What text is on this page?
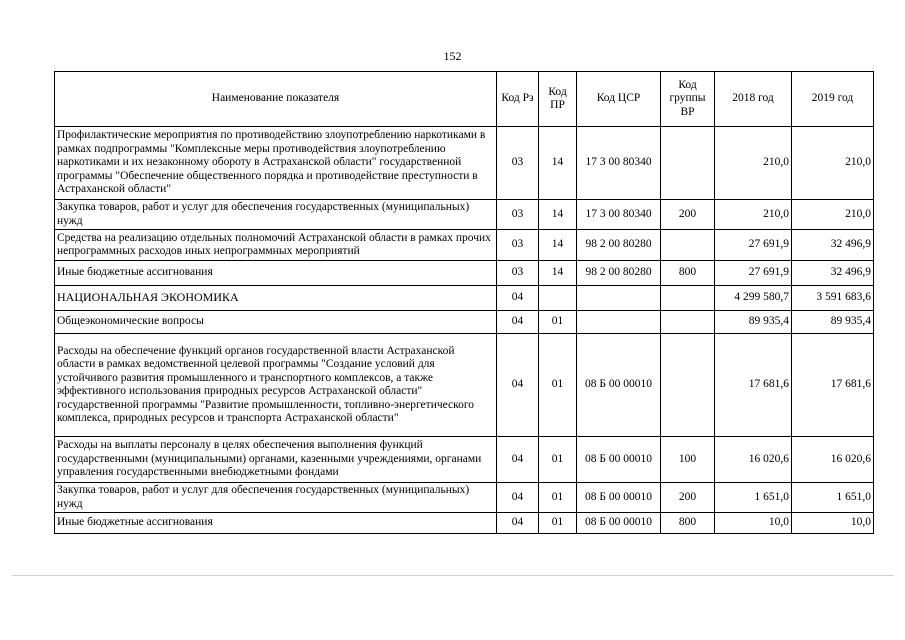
152
Наименование показателя	Код Рз	Код ПР	Код ЦСР	Код группы ВР	2018 год	2019 год
Профилактические мероприятия по противодействию злоупотреблению наркотиками в рамках подпрограммы "Комплексные меры противодействия злоупотреблению наркотиками и их незаконному обороту в Астраханской области" государственной программы "Обеспечение общественного порядка и противодействие преступности в Астраханской области"	03	14	17 3 00 80340		210,0	210,0
Закупка товаров, работ и услуг для обеспечения государственных (муниципальных) нужд	03	14	17 3 00 80340	200	210,0	210,0
Средства на реализацию отдельных полномочий Астраханской области в рамках прочих непрограммных расходов иных непрограммных мероприятий	03	14	98 2 00 80280		27 691,9	32 496,9
Иные бюджетные ассигнования	03	14	98 2 00 80280	800	27 691,9	32 496,9
НАЦИОНАЛЬНАЯ ЭКОНОМИКА	04				4 299 580,7	3 591 683,6
Общеэкономические вопросы	04	01			89 935,4	89 935,4
Расходы на обеспечение функций органов государственной власти Астраханской области в рамках ведомственной целевой программы "Создание условий для устойчивого развития промышленного и транспортного комплексов, а также эффективного использования природных ресурсов Астраханской области" государственной программы "Развитие промышленности, топливно-энергетического комплекса, природных ресурсов и транспорта Астраханской области"	04	01	08 Б 00 00010		17 681,6	17 681,6
Расходы на выплаты персоналу в целях обеспечения выполнения функций государственными (муниципальными) органами, казенными учреждениями, органами управления государственными внебюджетными фондами	04	01	08 Б 00 00010	100	16 020,6	16 020,6
Закупка товаров, работ и услуг для обеспечения государственных (муниципальных) нужд	04	01	08 Б 00 00010	200	1 651,0	1 651,0
Иные бюджетные ассигнования	04	01	08 Б 00 00010	800	10,0	10,0
